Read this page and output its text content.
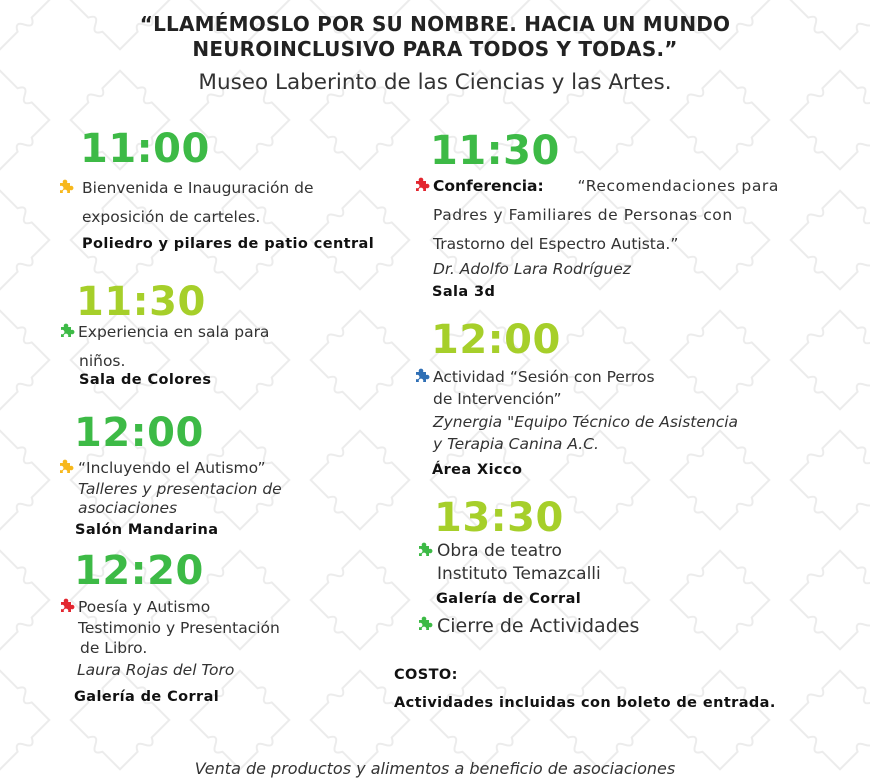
“LLAMÉMOSLO POR SU NOMBRE. HACIA UN MUNDO
NEUROINCLUSIVO PARA TODOS Y TODAS.”
Museo Laberinto de las Ciencias y las Artes.
11:00
Bienvenida e Inauguración de
exposición de carteles.
Poliedro y pilares de patio central
11:30
Experiencia en sala para
niños.
Sala de Colores
12:00
“Incluyendo el Autismo”
Talleres y presentacion de
asociaciones
Salón Mandarina
12:20
Poesía y Autismo
Testimonio y Presentación
de Libro.
Laura Rojas del Toro
Galería de Corral
11:30
Conferencia:	“Recomendaciones para
Padres y Familiares de Personas con
Trastorno del Espectro Autista.”
Dr. Adolfo Lara Rodríguez
Sala 3d
12:00
Actividad “Sesión con Perros
de Intervención”
Zynergia "Equipo Técnico de Asistencia
y Terapia Canina A.C.
Área Xicco
13:30
Obra de teatro
Instituto Temazcalli
Galería de Corral
Cierre de Actividades
COSTO:
Actividades incluidas con boleto de entrada.
Venta de productos y alimentos a beneficio de asociaciones
